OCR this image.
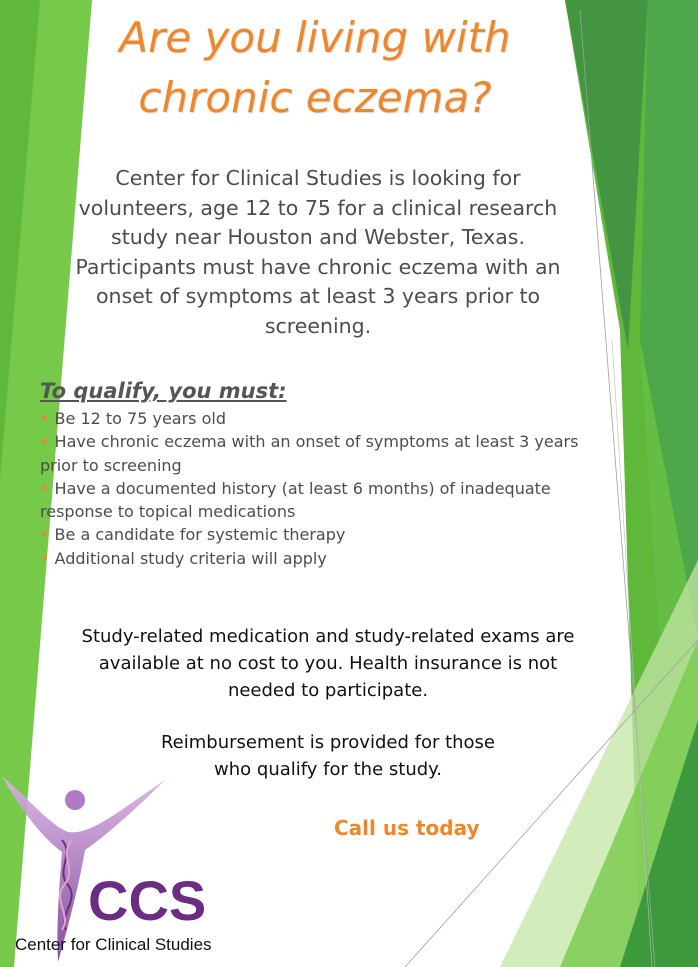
Are you living with
chronic eczema?
Center for Clinical Studies is looking for
volunteers, age 12 to 75 for a clinical research
study near Houston and Webster, Texas.
Participants must have chronic eczema with an
onset of symptoms at least 3 years prior to
screening.
To qualify, you must:
• Be 12 to 75 years old
• Have chronic eczema with an onset of symptoms at least 3 years
prior to screening
• Have a documented history (at least 6 months) of inadequate
response to topical medications
• Be a candidate for systemic therapy
• Additional study criteria will apply
Study-related medication and study-related exams are
available at no cost to you. Health insurance is not
needed to participate.
Reimbursement is provided for those
who qualify for the study.
Call us today
CCS
Center for Clinical Studies
